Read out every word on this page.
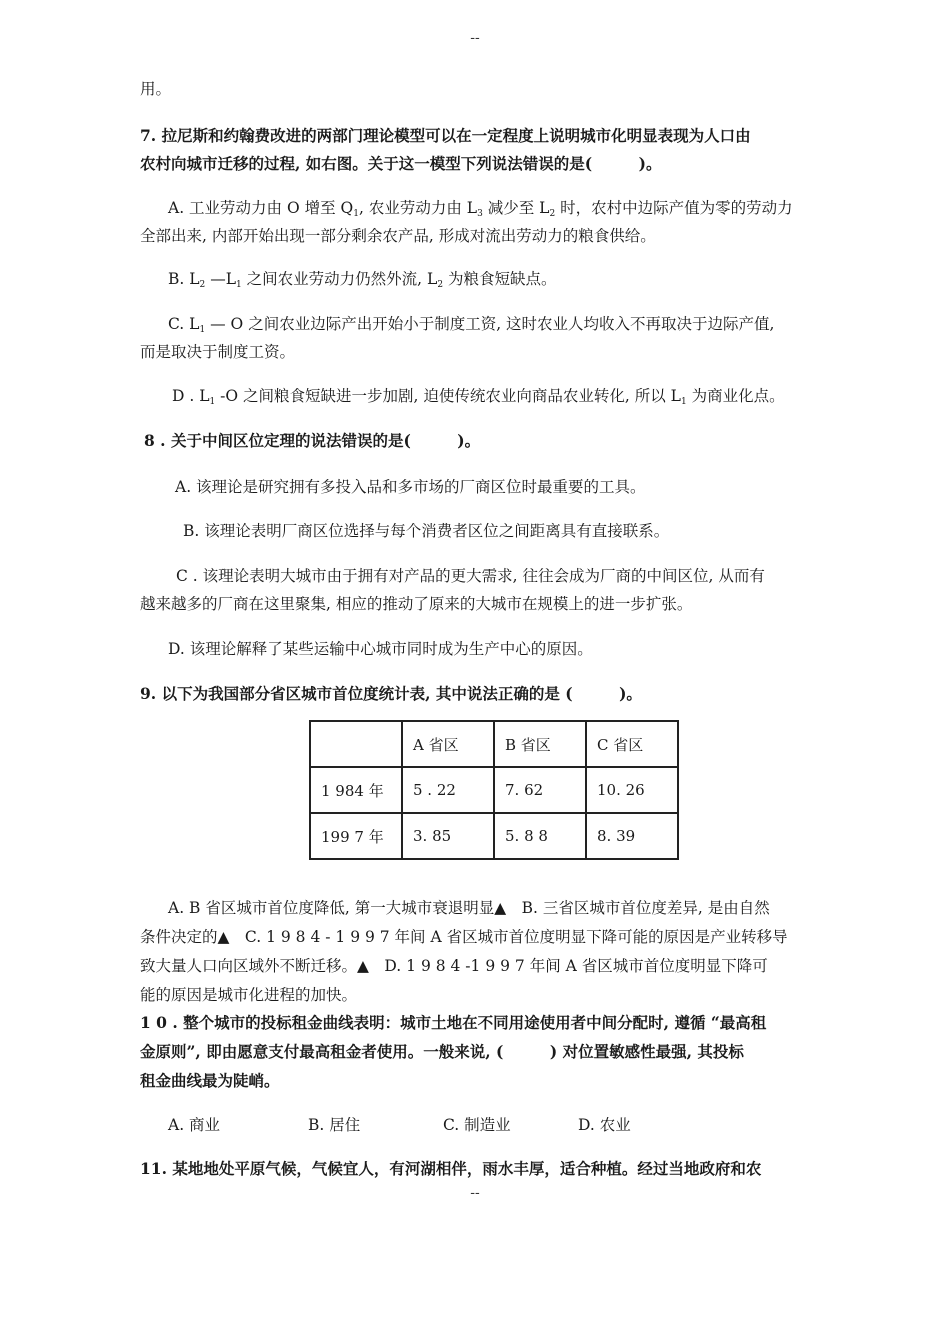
--
用。
7. 拉尼斯和约翰费改进的两部门理论模型可以在一定程度上说明城市化明显表现为人口由
农村向城市迁移的过程, 如右图。关于这一模型下列说法错误的是(　　　)。
A. 工业劳动力由 O 增至 $Q_1$, 农业劳动力由 $L_3$ 减少至 $L_2$ 时，农村中边际产值为零的劳动力
全部出来, 内部开始出现一部分剩余农产品, 形成对流出劳动力的粮食供给。
B. $L_2$ $—L_1$ 之间农业劳动力仍然外流, $L_2$ 为粮食短缺点。
C. $L_1$ — O 之间农业边际产出开始小于制度工资, 这时农业人均收入不再取决于边际产值,
而是取决于制度工资。
D . $L_1$ -O 之间粮食短缺进一步加剧, 迫使传统农业向商品农业转化, 所以 $L_1$ 为商业化点。
8 . 关于中间区位定理的说法错误的是(　　　)。
A. 该理论是研究拥有多投入品和多市场的厂商区位时最重要的工具。
B. 该理论表明厂商区位选择与每个消费者区位之间距离具有直接联系。
C . 该理论表明大城市由于拥有对产品的更大需求, 往往会成为厂商的中间区位, 从而有
越来越多的厂商在这里聚集, 相应的推动了原来的大城市在规模上的进一步扩张。
D. 该理论解释了某些运输中心城市同时成为生产中心的原因。
9. 以下为我国部分省区城市首位度统计表, 其中说法正确的是 (　　　)。
	A 省区	B 省区	C 省区
1 984 年	5 . 22	7. 62	10. 26
199 7 年	3. 85	5. 8 8	8. 39
A. B 省区城市首位度降低, 第一大城市衰退明显▲　B. 三省区城市首位度差异, 是由自然
条件决定的▲　C. 1 9 8 4 - 1 9 9 7 年间 A 省区城市首位度明显下降可能的原因是产业转移导
致大量人口向区域外不断迁移。▲　D. 1 9 8 4 -1 9 9 7 年间 A 省区城市首位度明显下降可
能的原因是城市化进程的加快。
1 0 . 整个城市的投标租金曲线表明：城市土地在不同用途使用者中间分配时, 遵循 “最高租
金原则”, 即由愿意支付最高租金者使用。一般来说, (　　　) 对位置敏感性最强, 其投标
租金曲线最为陡峭。
A. 商业	B. 居住	C. 制造业	D. 农业
11. 某地地处平原气候，气候宜人，有河湖相伴，雨水丰厚，适合种植。经过当地政府和农
--
